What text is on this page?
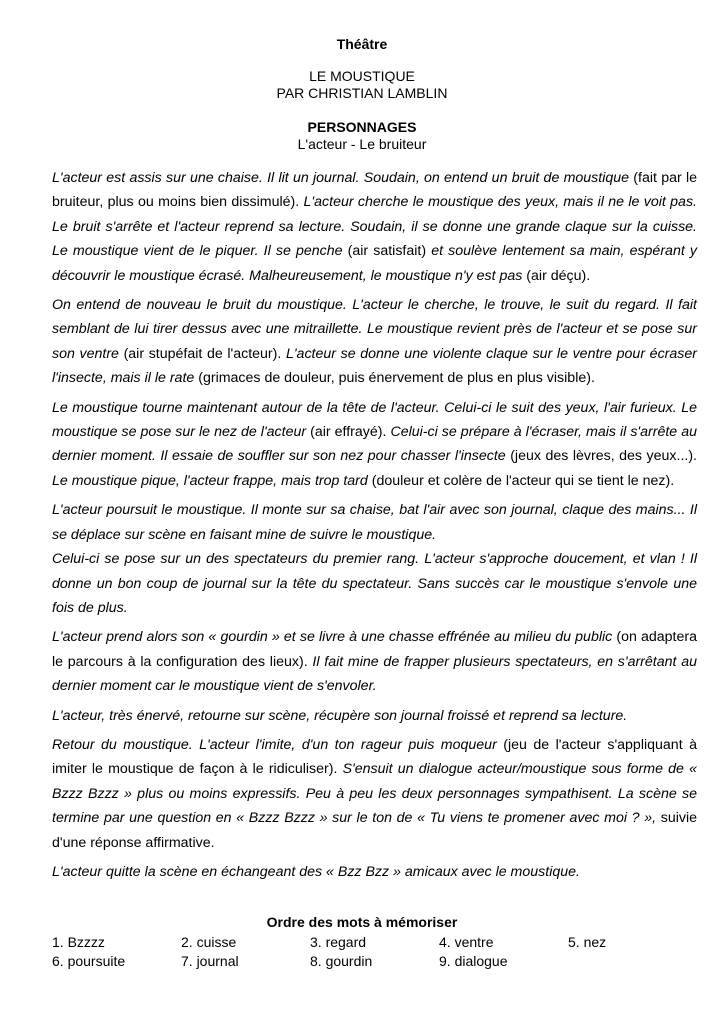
Théâtre
LE MOUSTIQUE
PAR CHRISTIAN LAMBLIN
PERSONNAGES
L'acteur - Le bruiteur

L'acteur est assis sur une chaise. Il lit un journal. Soudain, on entend un bruit de moustique (fait par le bruiteur, plus ou moins bien dissimulé). L'acteur cherche le moustique des yeux, mais il ne le voit pas. Le bruit s'arrête et l'acteur reprend sa lecture. Soudain, il se donne une grande claque sur la cuisse. Le moustique vient de le piquer. Il se penche (air satisfait) et soulève lentement sa main, espérant y découvrir le moustique écrasé. Malheureusement, le moustique n'y est pas (air déçu).

On entend de nouveau le bruit du moustique. L'acteur le cherche, le trouve, le suit du regard. Il fait semblant de lui tirer dessus avec une mitraillette. Le moustique revient près de l'acteur et se pose sur son ventre (air stupéfait de l'acteur). L'acteur se donne une violente claque sur le ventre pour écraser l'insecte, mais il le rate (grimaces de douleur, puis énervement de plus en plus visible).

Le moustique tourne maintenant autour de la tête de l'acteur. Celui-ci le suit des yeux, l'air furieux. Le moustique se pose sur le nez de l'acteur (air effrayé). Celui-ci se prépare à l'écraser, mais il s'arrête au dernier moment. Il essaie de souffler sur son nez pour chasser l'insecte (jeux des lèvres, des yeux...). Le moustique pique, l'acteur frappe, mais trop tard (douleur et colère de l'acteur qui se tient le nez).

L'acteur poursuit le moustique. Il monte sur sa chaise, bat l'air avec son journal, claque des mains... Il se déplace sur scène en faisant mine de suivre le moustique.

Celui-ci se pose sur un des spectateurs du premier rang. L'acteur s'approche doucement, et vlan ! Il donne un bon coup de journal sur la tête du spectateur. Sans succès car le moustique s'envole une fois de plus.

L'acteur prend alors son « gourdin » et se livre à une chasse effrénée au milieu du public (on adaptera le parcours à la configuration des lieux). Il fait mine de frapper plusieurs spectateurs, en s'arrêtant au dernier moment car le moustique vient de s'envoler.

L'acteur, très énervé, retourne sur scène, récupère son journal froissé et reprend sa lecture.

Retour du moustique. L'acteur l'imite, d'un ton rageur puis moqueur (jeu de l'acteur s'appliquant à imiter le moustique de façon à le ridiculiser). S'ensuit un dialogue acteur/moustique sous forme de « Bzzz Bzzz » plus ou moins expressifs. Peu à peu les deux personnages sympathisent. La scène se termine par une question en « Bzzz Bzzz » sur le ton de « Tu viens te promener avec moi ? », suivie d'une réponse affirmative.

L'acteur quitte la scène en échangeant des « Bzz Bzz » amicaux avec le moustique.

Ordre des mots à mémoriser
1. Bzzzz	2. cuisse	3. regard	4. ventre	5. nez
6. poursuite	7. journal	8. gourdin	9. dialogue
